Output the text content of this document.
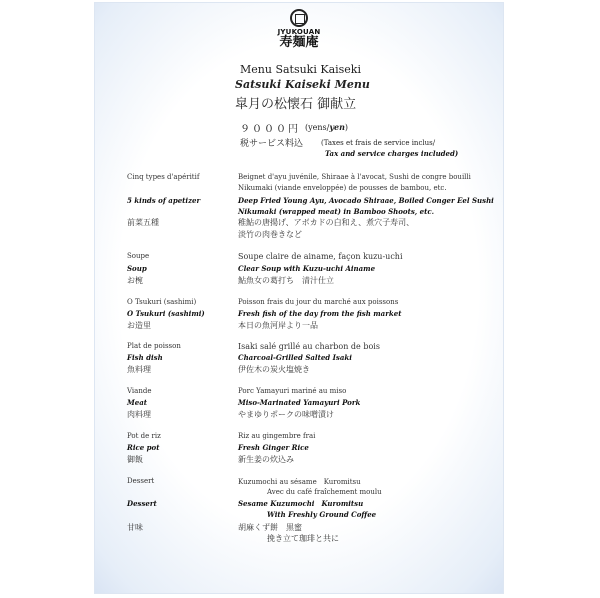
JYUKOUAN
寿麺庵
Menu Satsuki Kaiseki
Satsuki Kaiseki Menu
皐月の松懐石 御献立
９０００円 (yens/yen)
税サービス料込	(Taxes et frais de service inclus/
Tax and service charges included)
Cinq types d'apéritif
5 kinds of apetizer
前菜五種
Beignet d'ayu juvénile, Shiraae à l'avocat, Sushi de congre bouilli
Nikumaki (viande enveloppée) de pousses de bambou, etc.
Deep Fried Young Ayu, Avocado Shiraae, Boiled Conger Eel Sushi
Nikumaki (wrapped meat) in Bamboo Shoots, etc.
稚鮎の唐揚げ、アボカドの白和え、煮穴子寿司、
淡竹の肉巻きなど
Soupe
Soup
お椀
Soupe claire de ainame, façon kuzu-uchi
Clear Soup with Kuzu-uchi Ainame
鮎魚女の葛打ち　清汁仕立
O Tsukuri (sashimi)
O Tsukuri (sashimi)
お造里
Poisson frais du jour du marché aux poissons
Fresh fish of the day from the fish market
本日の魚河岸より一品
Plat de poisson
Fish dish
魚料理
Isaki salé grillé au charbon de bois
Charcoal-Grilled Salted Isaki
伊佐木の炭火塩焼き
Viande
Meat
肉料理
Porc Yamayuri mariné au miso
Miso-Marinated Yamayuri Pork
やまゆりポークの味噌漬け
Pot de riz
Rice pot
御飯
Riz au gingembre frai
Fresh Ginger Rice
新生姜の炊込み
Dessert
Dessert
甘味
Kuzumochi au sésame　Kuromitsu
Avec du café fraîchement moulu
Sesame Kuzumochi　Kuromitsu
With Freshly Ground Coffee
胡麻くず餅　黒蜜
挽き立て珈琲と共に
